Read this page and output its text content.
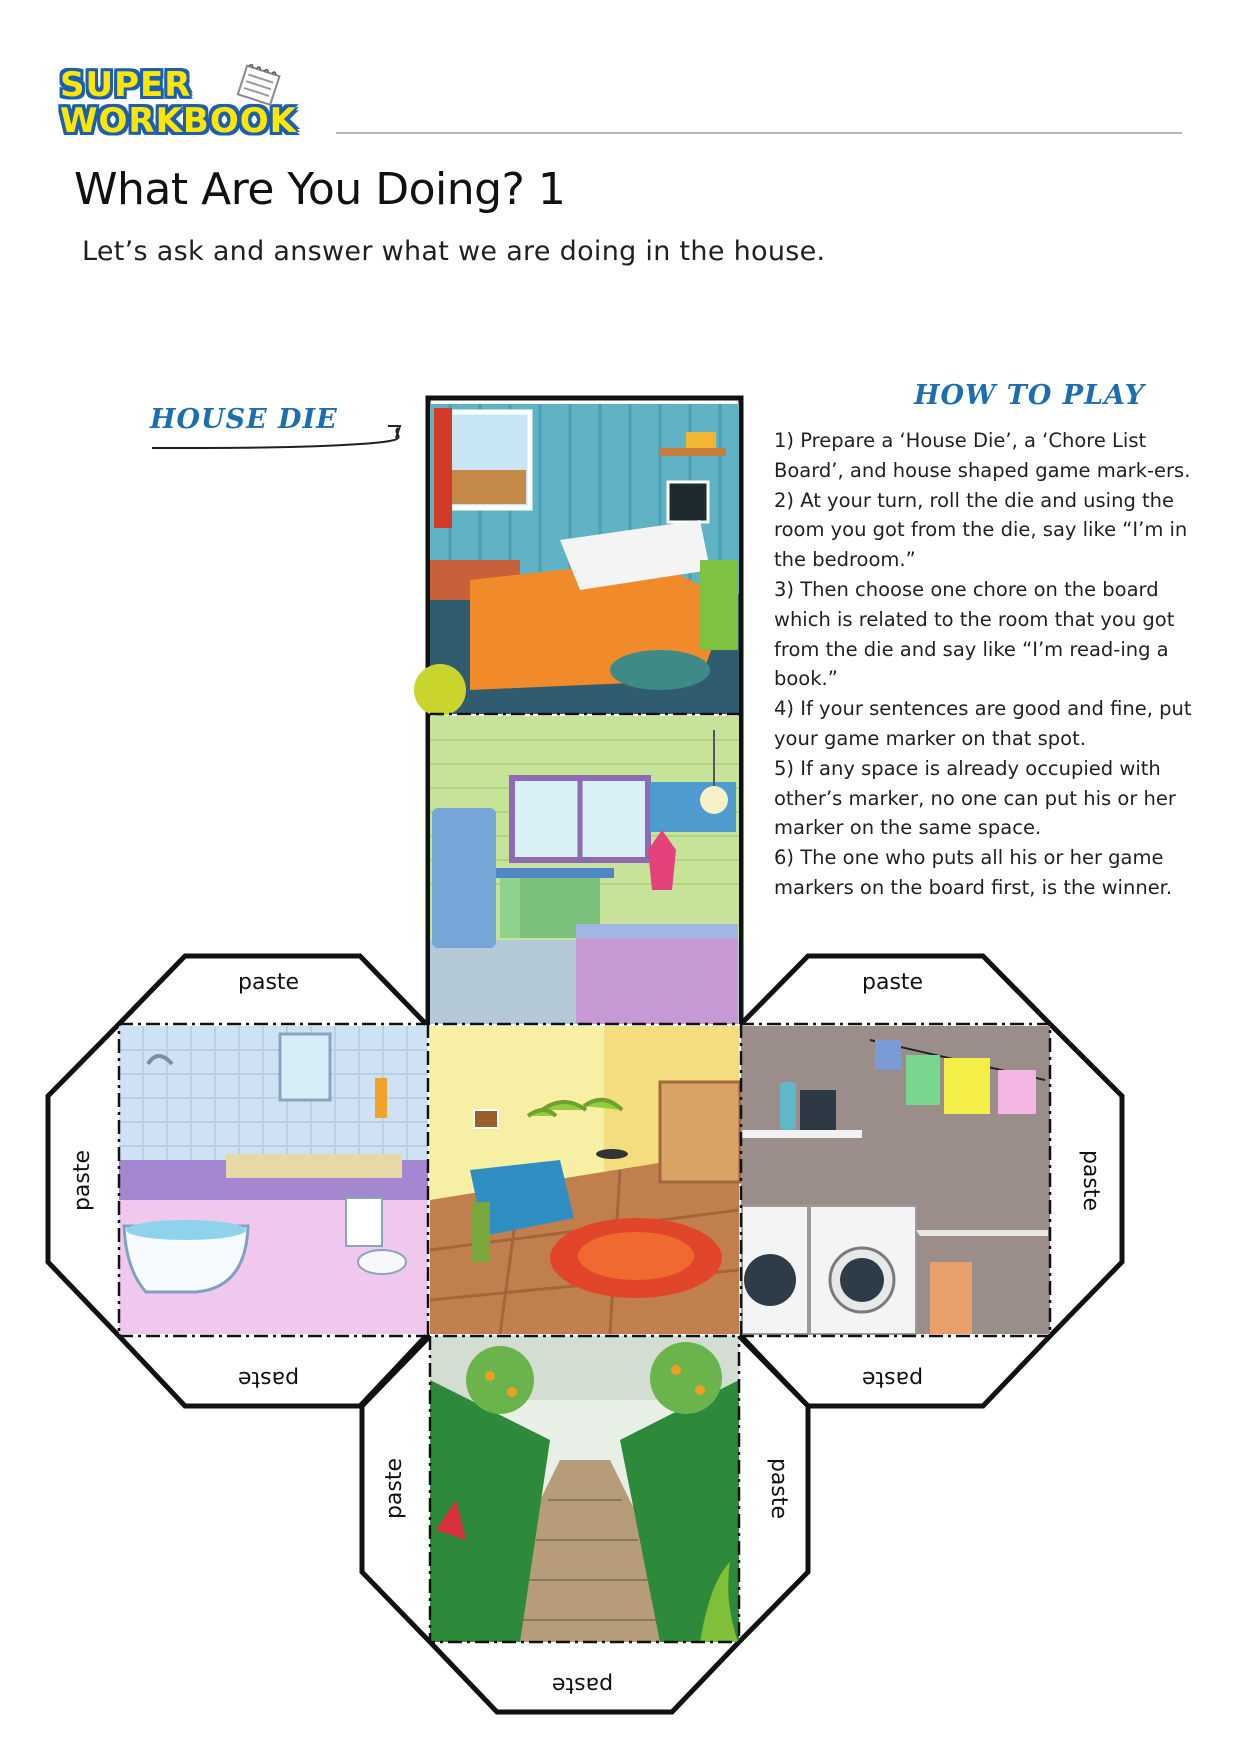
SUPER
WORKBOOK
What Are You Doing? 1
Let’s ask and answer what we are doing in the house.
HOUSE DIE
HOW TO PLAY
1) Prepare a ‘House Die’, a ‘Chore List Board’, and house shaped game mark-ers.
2) At your turn, roll the die and using the room you got from the die, say like “I’m in the bedroom.”
3) Then choose one chore on the board which is related to the room that you got from the die and say like “I’m read-ing a book.”
4) If your sentences are good and fine, put your game marker on that spot.
5) If any space is already occupied with other’s marker, no one can put his or her marker on the same space.
6) The one who puts all his or her game markers on the board first, is the winner.
paste
paste
paste
paste
paste
paste
paste	paste
paste
